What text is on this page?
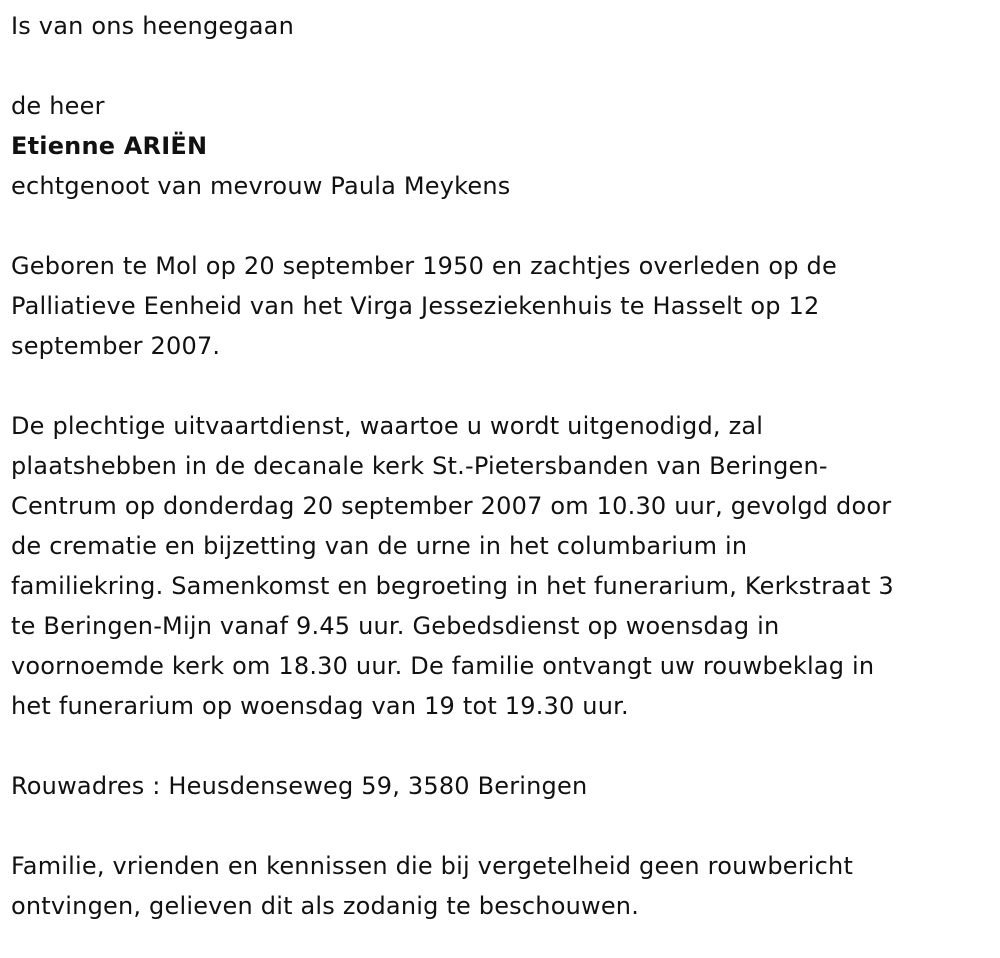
Is van ons heengegaan
de heer
Etienne ARIËN
echtgenoot van mevrouw Paula Meykens
Geboren te Mol op 20 september 1950 en zachtjes overleden op de
Palliatieve Eenheid van het Virga Jesseziekenhuis te Hasselt op 12
september 2007.
De plechtige uitvaartdienst, waartoe u wordt uitgenodigd, zal
plaatshebben in de decanale kerk St.-Pietersbanden van Beringen-
Centrum op donderdag 20 september 2007 om 10.30 uur, gevolgd door
de crematie en bijzetting van de urne in het columbarium in
familiekring. Samenkomst en begroeting in het funerarium, Kerkstraat 3
te Beringen-Mijn vanaf 9.45 uur. Gebedsdienst op woensdag in
voornoemde kerk om 18.30 uur. De familie ontvangt uw rouwbeklag in
het funerarium op woensdag van 19 tot 19.30 uur.
Rouwadres : Heusdenseweg 59, 3580 Beringen
Familie, vrienden en kennissen die bij vergetelheid geen rouwbericht
ontvingen, gelieven dit als zodanig te beschouwen.
